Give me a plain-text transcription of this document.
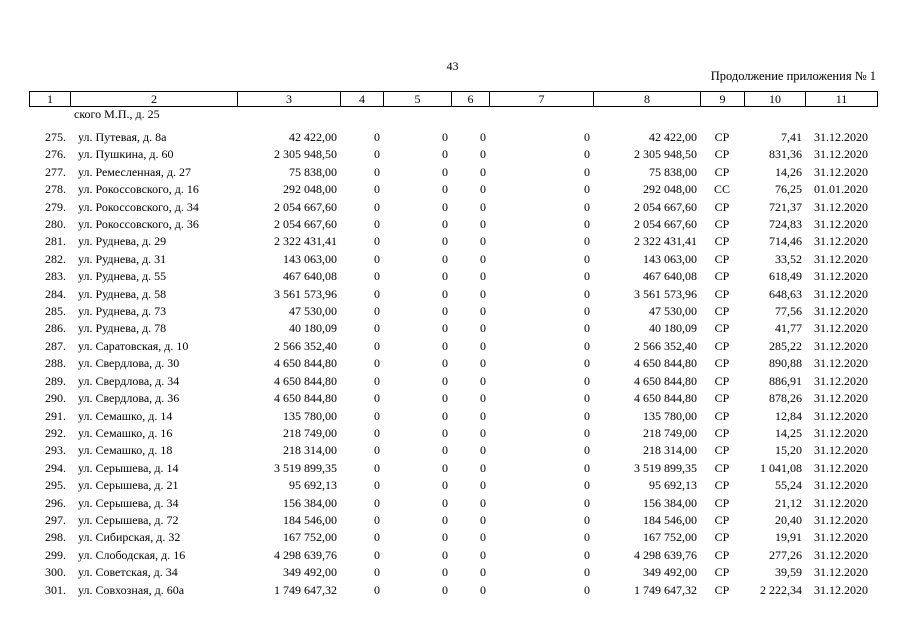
43
Продолжение приложения № 1
1	2	3	4	5	6	7	8	9	10	11
ского М.П., д. 25
275.	ул. Путевая, д. 8а	42 422,00	0	0	0	0	42 422,00	СР	7,41	31.12.2020
276.	ул. Пушкина, д. 60	2 305 948,50	0	0	0	0	2 305 948,50	СР	831,36	31.12.2020
277.	ул. Ремесленная, д. 27	75 838,00	0	0	0	0	75 838,00	СР	14,26	31.12.2020
278.	ул. Рокоссовского, д. 16	292 048,00	0	0	0	0	292 048,00	СС	76,25	01.01.2020
279.	ул. Рокоссовского, д. 34	2 054 667,60	0	0	0	0	2 054 667,60	СР	721,37	31.12.2020
280.	ул. Рокоссовского, д. 36	2 054 667,60	0	0	0	0	2 054 667,60	СР	724,83	31.12.2020
281.	ул. Руднева, д. 29	2 322 431,41	0	0	0	0	2 322 431,41	СР	714,46	31.12.2020
282.	ул. Руднева, д. 31	143 063,00	0	0	0	0	143 063,00	СР	33,52	31.12.2020
283.	ул. Руднева, д. 55	467 640,08	0	0	0	0	467 640,08	СР	618,49	31.12.2020
284.	ул. Руднева, д. 58	3 561 573,96	0	0	0	0	3 561 573,96	СР	648,63	31.12.2020
285.	ул. Руднева, д. 73	47 530,00	0	0	0	0	47 530,00	СР	77,56	31.12.2020
286.	ул. Руднева, д. 78	40 180,09	0	0	0	0	40 180,09	СР	41,77	31.12.2020
287.	ул. Саратовская, д. 10	2 566 352,40	0	0	0	0	2 566 352,40	СР	285,22	31.12.2020
288.	ул. Свердлова, д. 30	4 650 844,80	0	0	0	0	4 650 844,80	СР	890,88	31.12.2020
289.	ул. Свердлова, д. 34	4 650 844,80	0	0	0	0	4 650 844,80	СР	886,91	31.12.2020
290.	ул. Свердлова, д. 36	4 650 844,80	0	0	0	0	4 650 844,80	СР	878,26	31.12.2020
291.	ул. Семашко, д. 14	135 780,00	0	0	0	0	135 780,00	СР	12,84	31.12.2020
292.	ул. Семашко, д. 16	218 749,00	0	0	0	0	218 749,00	СР	14,25	31.12.2020
293.	ул. Семашко, д. 18	218 314,00	0	0	0	0	218 314,00	СР	15,20	31.12.2020
294.	ул. Серышева, д. 14	3 519 899,35	0	0	0	0	3 519 899,35	СР	1 041,08	31.12.2020
295.	ул. Серышева, д. 21	95 692,13	0	0	0	0	95 692,13	СР	55,24	31.12.2020
296.	ул. Серышева, д. 34	156 384,00	0	0	0	0	156 384,00	СР	21,12	31.12.2020
297.	ул. Серышева, д. 72	184 546,00	0	0	0	0	184 546,00	СР	20,40	31.12.2020
298.	ул. Сибирская, д. 32	167 752,00	0	0	0	0	167 752,00	СР	19,91	31.12.2020
299.	ул. Слободская, д. 16	4 298 639,76	0	0	0	0	4 298 639,76	СР	277,26	31.12.2020
300.	ул. Советская, д. 34	349 492,00	0	0	0	0	349 492,00	СР	39,59	31.12.2020
301.	ул. Совхозная, д. 60а	1 749 647,32	0	0	0	0	1 749 647,32	СР	2 222,34	31.12.2020
